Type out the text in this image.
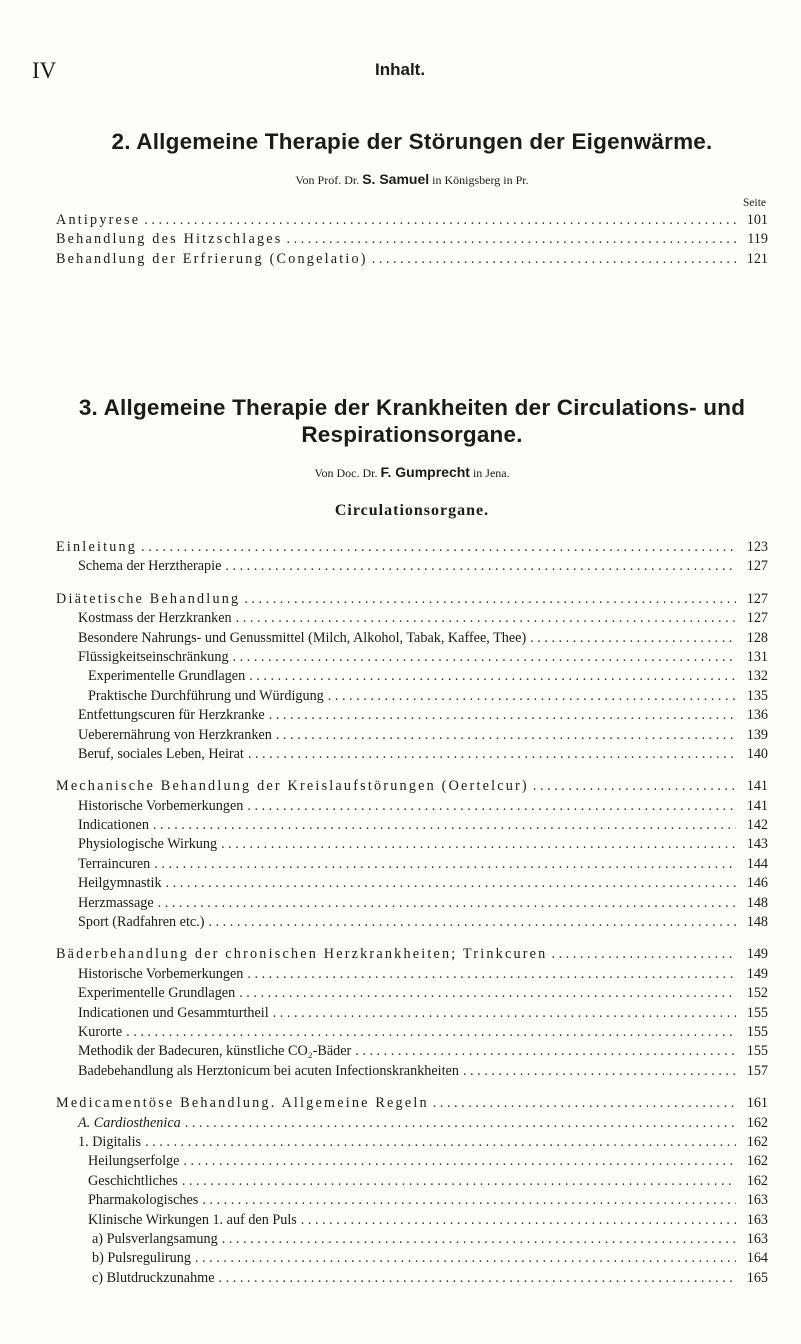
IV	Inhalt.
2. Allgemeine Therapie der Störungen der Eigenwärme.
Von Prof. Dr. S. Samuel in Königsberg in Pr.
Seite
Antipyrese . . .	101
Behandlung des Hitzschlages . . .	119
Behandlung der Erfrierung (Congelatio) . . .	121
3. Allgemeine Therapie der Krankheiten der Circulations- und
Respirationsorgane.
Von Doc. Dr. F. Gumprecht in Jena.
Circulationsorgane.
Einleitung . . .	123
Schema der Herztherapie . . .	127
Diätetische Behandlung . . .	127
Kostmass der Herzkranken . . .	127
Besondere Nahrungs- und Genussmittel (Milch, Alkohol, Tabak, Kaffee, Thee) . . .	128
Flüssigkeitseinschränkung . . .	131
Experimentelle Grundlagen . . .	132
Praktische Durchführung und Würdigung . . .	135
Entfettungscuren für Herzkranke . . .	136
Ueberernährung von Herzkranken . . .	139
Beruf, sociales Leben, Heirat . . .	140
Mechanische Behandlung der Kreislaufstörungen (Oertelcur) . . .	141
Historische Vorbemerkungen . . .	141
Indicationen . . .	142
Physiologische Wirkung . . .	143
Terraincuren . . .	144
Heilgymnastik . . .	146
Herzmassage . . .	148
Sport (Radfahren etc.) . . .	148
Bäderbehandlung der chronischen Herzkrankheiten; Trinkcuren . . .	149
Historische Vorbemerkungen . . .	149
Experimentelle Grundlagen . . .	152
Indicationen und Gesammturtheil . . .	155
Kurorte . . .	155
Methodik der Badecuren, künstliche CO₂-Bäder . . .	155
Badebehandlung als Herztonicum bei acuten Infectionskrankheiten . . .	157
Medicamentöse Behandlung. Allgemeine Regeln . . .	161
A. Cardiosthenica . . .	162
1. Digitalis . . .	162
Heilungserfolge . . .	162
Geschichtliches . . .	162
Pharmakologisches . . .	163
Klinische Wirkungen 1. auf den Puls . . .	163
a) Pulsverlangsamung . . .	163
b) Pulsregulirung . . .	164
c) Blutdruckzunahme . . .	165
